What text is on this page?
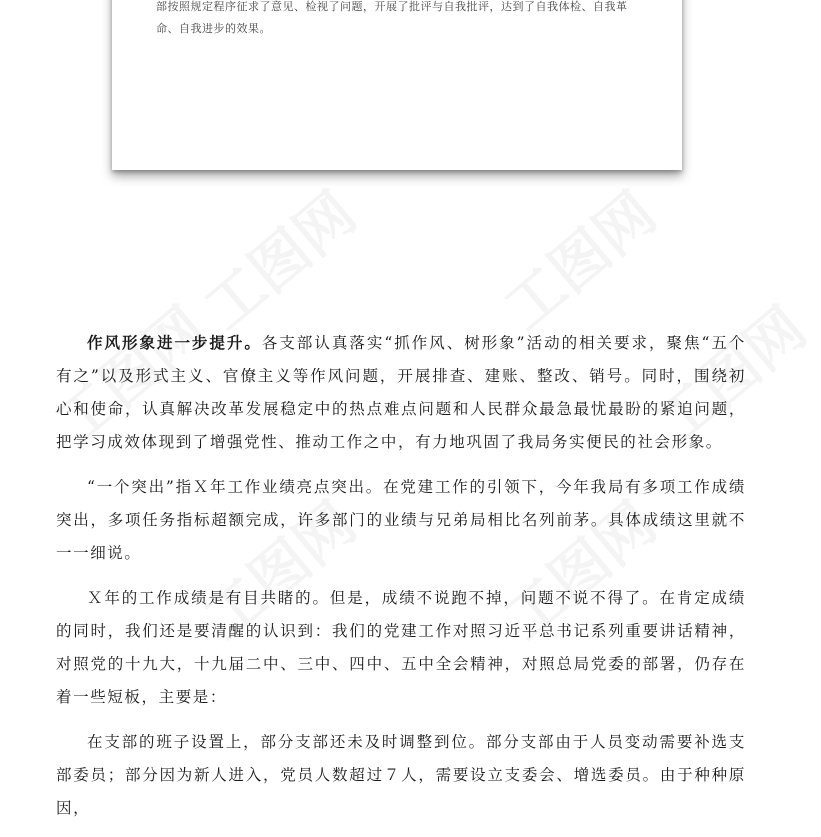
部按照规定程序征求了意见、检视了问题，开展了批评与自我批评，达到了自我体检、自我革

命、自我进步的效果。

作风形象进一步提升。各支部认真落实“抓作风、树形象”活动的相关要求，聚焦“五个有之”以及形式主义、官僚主义等作风问题，开展排查、建账、整改、销号。同时，围绕初心和使命，认真解决改革发展稳定中的热点难点问题和人民群众最急最忧最盼的紧迫问题，把学习成效体现到了增强党性、推动工作之中，有力地巩固了我局务实便民的社会形象。

“一个突出”指Ｘ年工作业绩亮点突出。在党建工作的引领下，今年我局有多项工作成绩突出，多项任务指标超额完成，许多部门的业绩与兄弟局相比名列前茅。具体成绩这里就不一一细说。

Ｘ年的工作成绩是有目共睹的。但是，成绩不说跑不掉，问题不说不得了。在肯定成绩的同时，我们还是要清醒的认识到：我们的党建工作对照习近平总书记系列重要讲话精神，对照党的十九大，十九届二中、三中、四中、五中全会精神，对照总局党委的部署，仍存在着一些短板，主要是：

在支部的班子设置上，部分支部还未及时调整到位。部分支部由于人员变动需要补选支部委员；部分因为新人进入，党员人数超过７人，需要设立支委会、增选委员。由于种种原因，
